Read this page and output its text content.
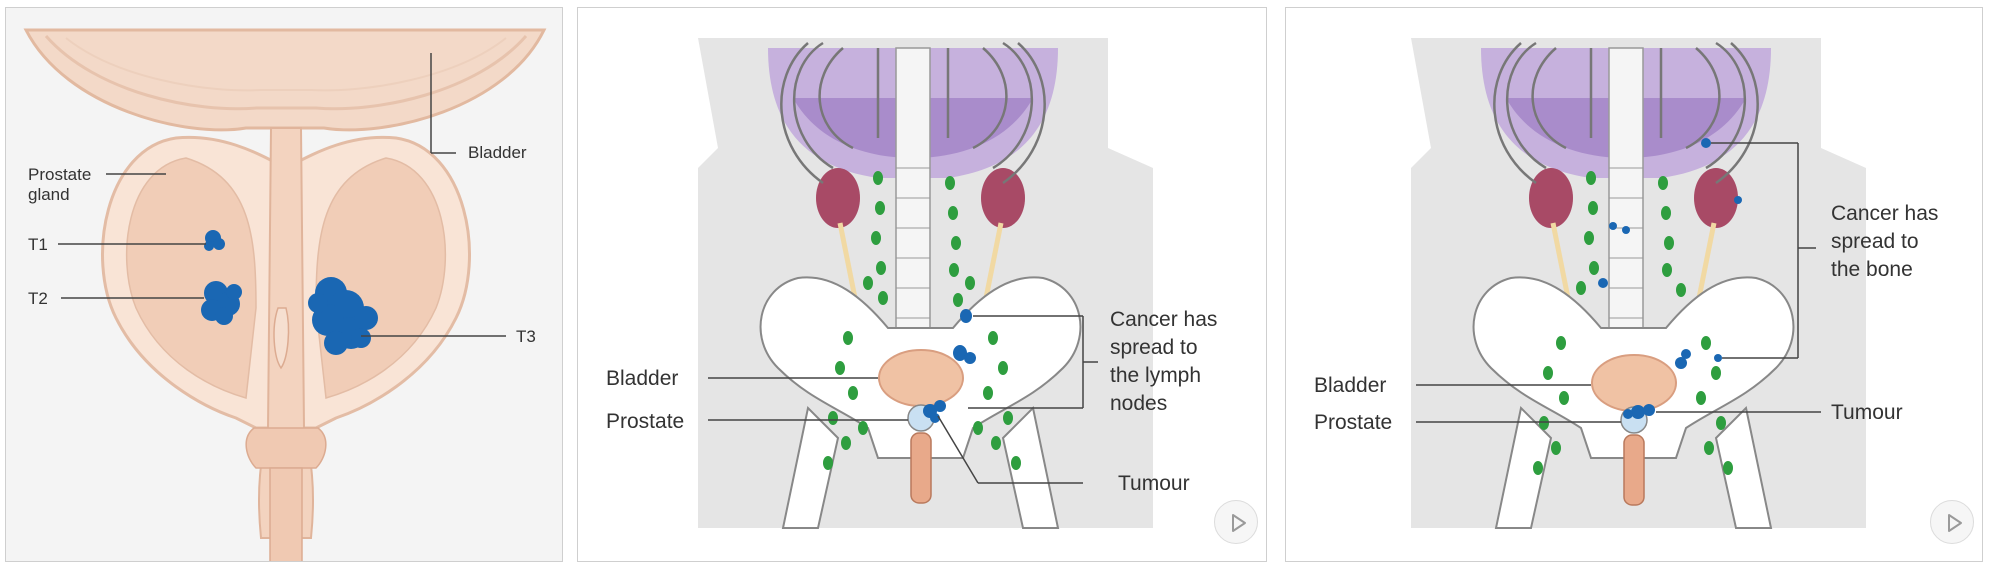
Bladder
Prostate
gland
T1
T2
T3
Cancer has
spread to
the lymph
nodes
Bladder
Prostate
Tumour
Cancer has
spread to
the bone
Bladder
Prostate	Tumour
